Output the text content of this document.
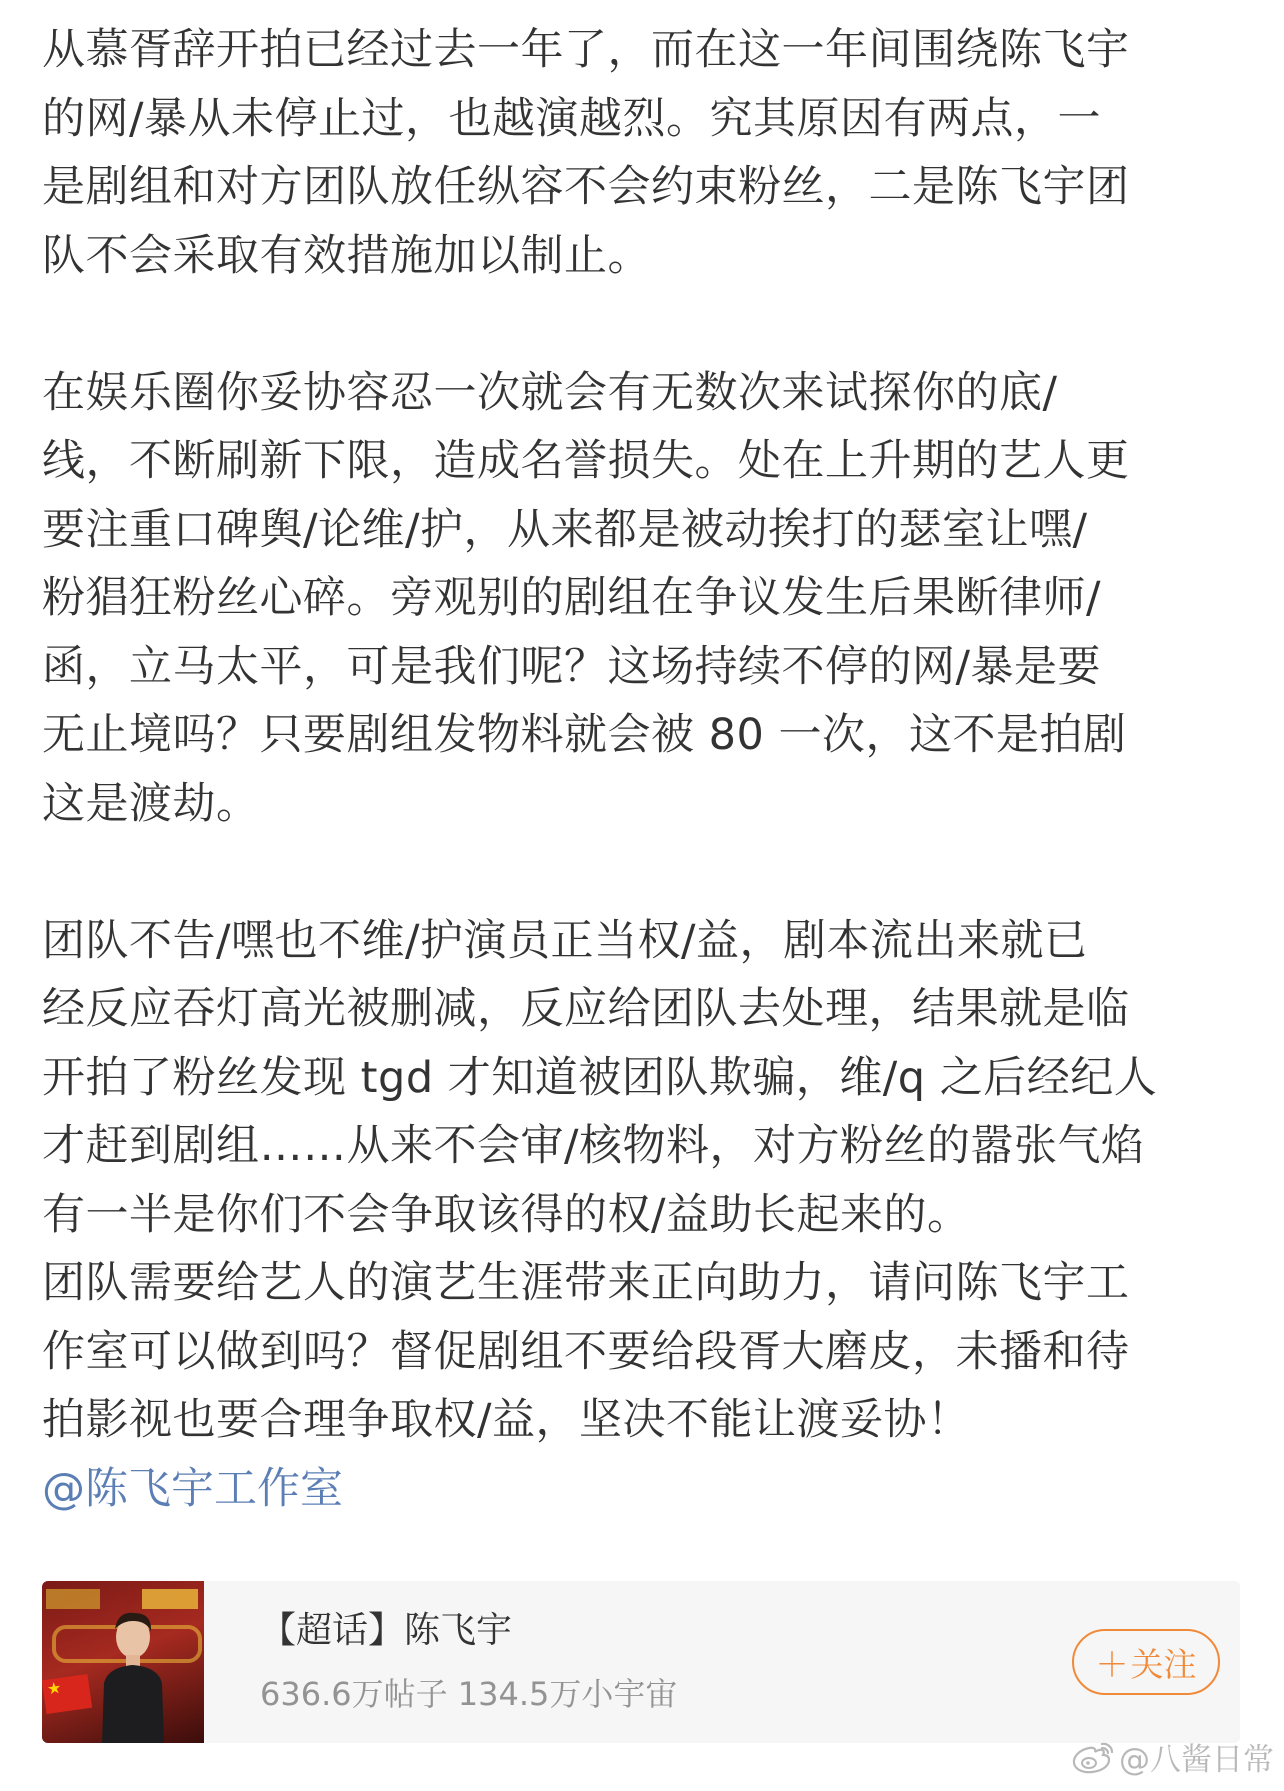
从慕胥辞开拍已经过去一年了，而在这一年间围绕陈飞宇
的网/暴从未停止过，也越演越烈。究其原因有两点，一
是剧组和对方团队放任纵容不会约束粉丝，二是陈飞宇团
队不会采取有效措施加以制止。

在娱乐圈你妥协容忍一次就会有无数次来试探你的底/
线，不断刷新下限，造成名誉损失。处在上升期的艺人更
要注重口碑舆/论维/护，从来都是被动挨打的瑟室让嘿/
粉猖狂粉丝心碎。旁观别的剧组在争议发生后果断律师/
函，立马太平，可是我们呢？这场持续不停的网/暴是要
无止境吗？只要剧组发物料就会被 80 一次，这不是拍剧
这是渡劫。

团队不告/嘿也不维/护演员正当权/益，剧本流出来就已
经反应吞灯高光被删减，反应给团队去处理，结果就是临
开拍了粉丝发现 tgd 才知道被团队欺骗，维/q 之后经纪人
才赶到剧组……从来不会审/核物料，对方粉丝的嚣张气焰
有一半是你们不会争取该得的权/益助长起来的。
团队需要给艺人的演艺生涯带来正向助力，请问陈飞宇工
作室可以做到吗？督促剧组不要给段胥大磨皮，未播和待
拍影视也要合理争取权/益，坚决不能让渡妥协！

@陈飞宇工作室
★
【超话】陈飞宇
636.6万帖子 134.5万小宇宙
＋ 关注
@八酱日常
